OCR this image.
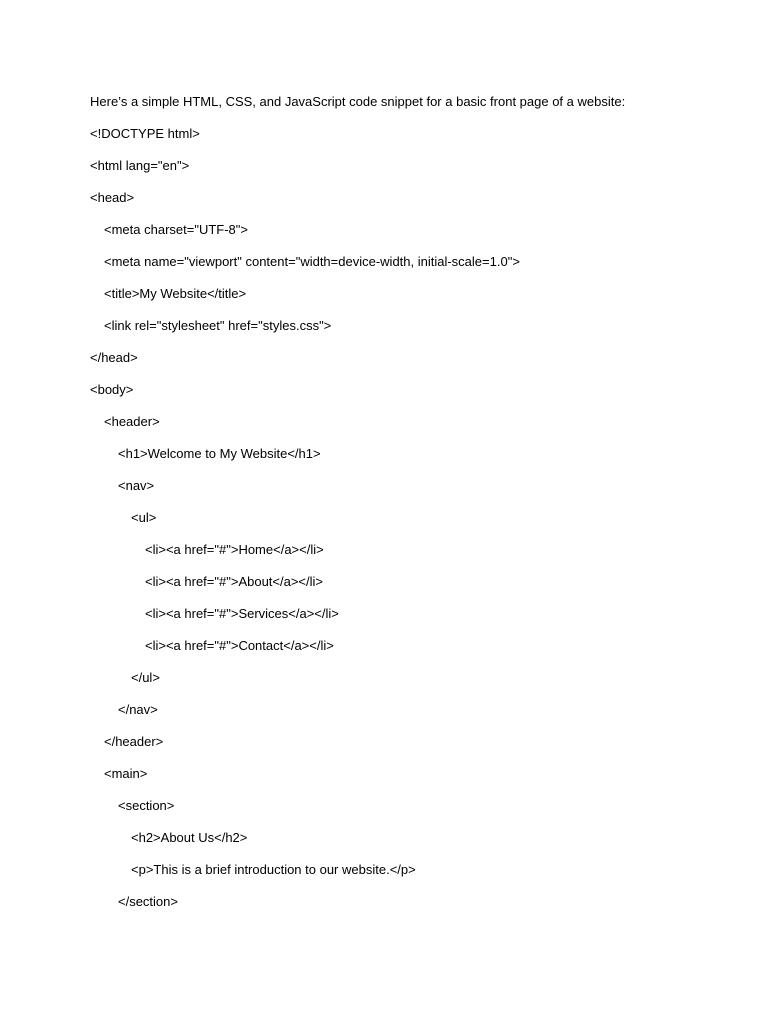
Here’s a simple HTML, CSS, and JavaScript code snippet for a basic front page of a website:

<!DOCTYPE html>

<html lang="en">

<head>

<meta charset="UTF-8">

<meta name="viewport" content="width=device-width, initial-scale=1.0">

<title>My Website</title>

<link rel="stylesheet" href="styles.css">

</head>

<body>

<header>

<h1>Welcome to My Website</h1>

<nav>

<ul>

<li><a href="#">Home</a></li>

<li><a href="#">About</a></li>

<li><a href="#">Services</a></li>

<li><a href="#">Contact</a></li>

</ul>

</nav>

</header>

<main>

<section>

<h2>About Us</h2>

<p>This is a brief introduction to our website.</p>

</section>
